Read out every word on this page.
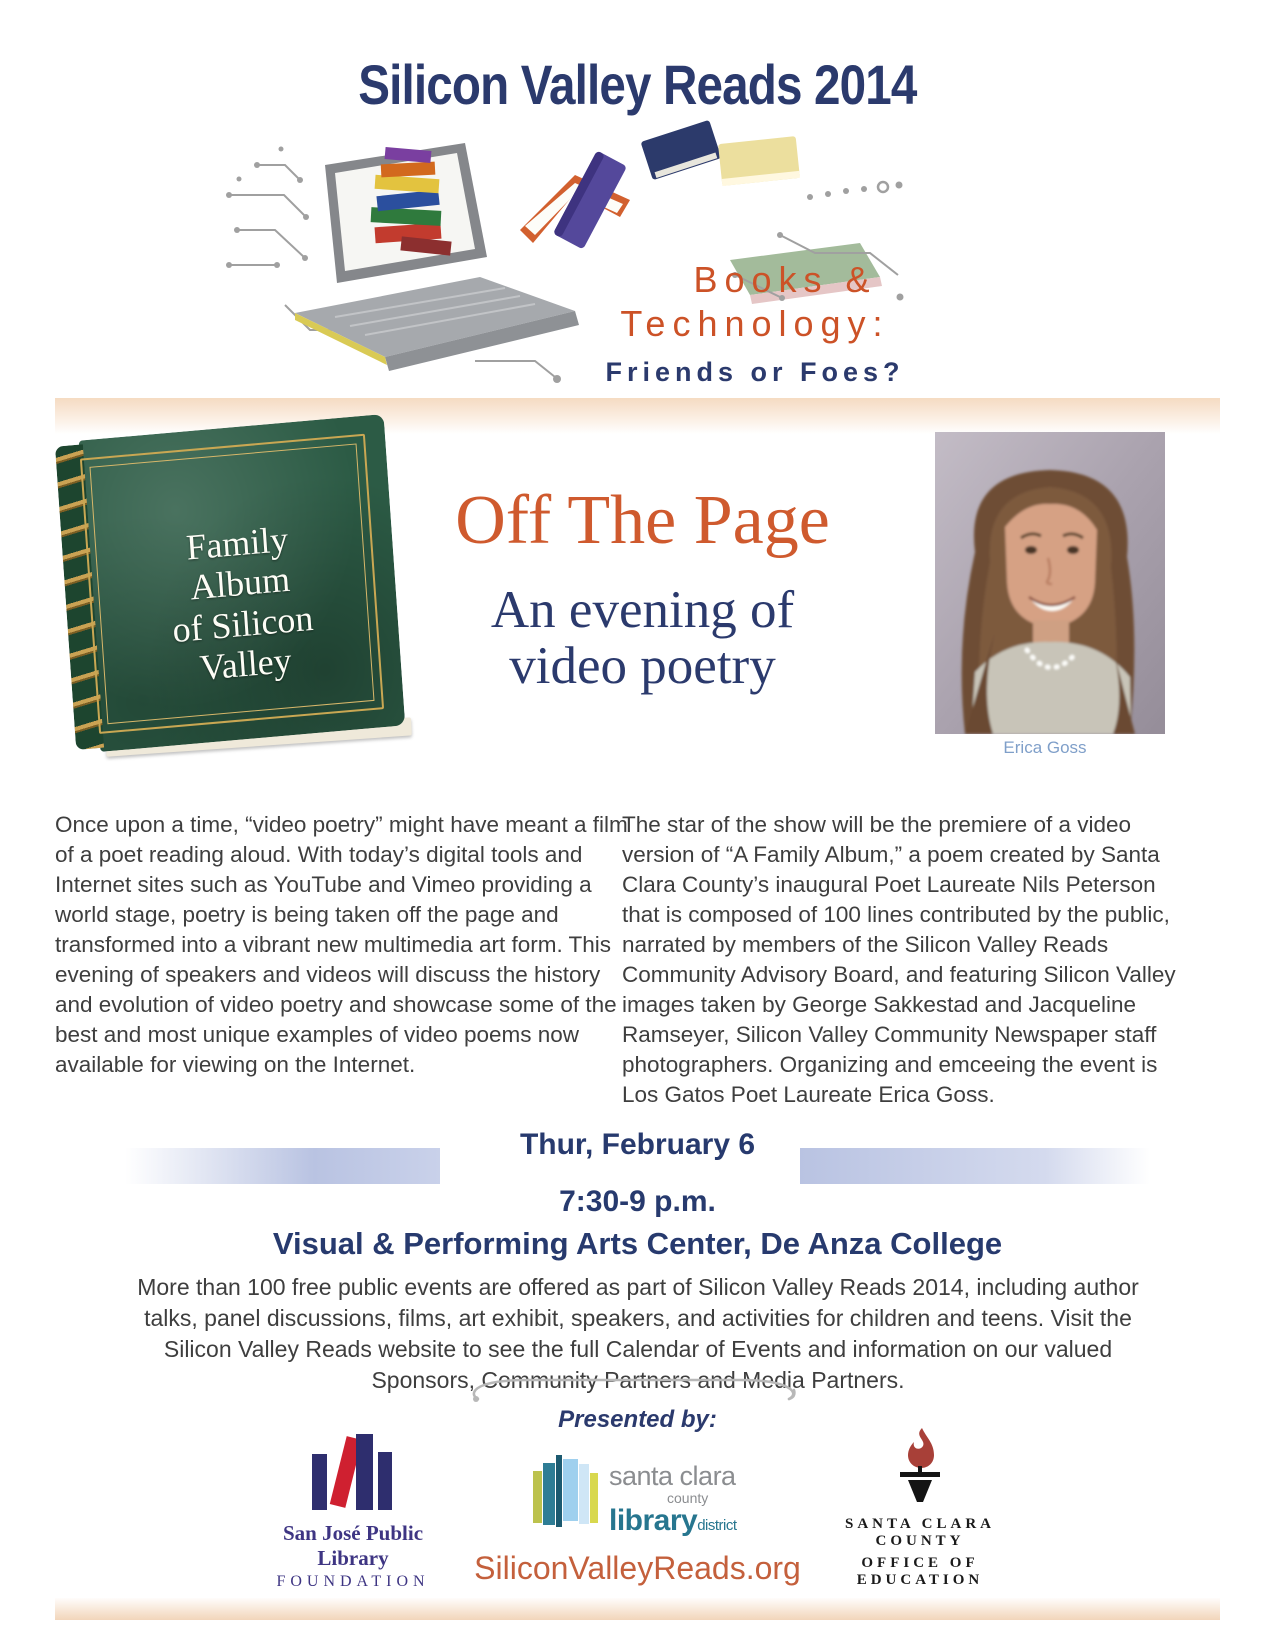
Silicon Valley Reads 2014
Books &
Technology:
Friends or Foes?
Family
Album
of Silicon
Valley
Off The Page
An evening of
video poetry
Erica Goss
Once upon a time, “video poetry” might have meant a film of a poet reading aloud. With today’s digital tools and Internet sites such as YouTube and Vimeo providing a world stage, poetry is being taken off the page and transformed into a vibrant new multimedia art form. This evening of speakers and videos will discuss the history and evolution of video poetry and showcase some of the best and most unique examples of video poems now available for viewing on the Internet.
The star of the show will be the premiere of a video version of “A Family Album,” a poem created by Santa Clara County’s inaugural Poet Laureate Nils Peterson that is composed of 100 lines contributed by the public, narrated by members of the Silicon Valley Reads Community Advisory Board, and featuring Silicon Valley images taken by George Sakkestad and Jacqueline Ramseyer, Silicon Valley Community Newspaper staff photographers. Organizing and emceeing the event is Los Gatos Poet Laureate Erica Goss.
Thur, February 6
7:30-9 p.m.
Visual & Performing Arts Center, De Anza College
More than 100 free public events are offered as part of Silicon Valley Reads 2014, including author talks, panel discussions, films, art exhibit, speakers, and activities for children and teens. Visit the Silicon Valley Reads website to see the full Calendar of Events and information on our valued Sponsors, Community Partners and Media Partners.
Presented by:
San José Public Library
FOUNDATION
santa clara
county
librarydistrict	SANTA CLARA COUNTY
OFFICE OF EDUCATION
SiliconValleyReads.org
